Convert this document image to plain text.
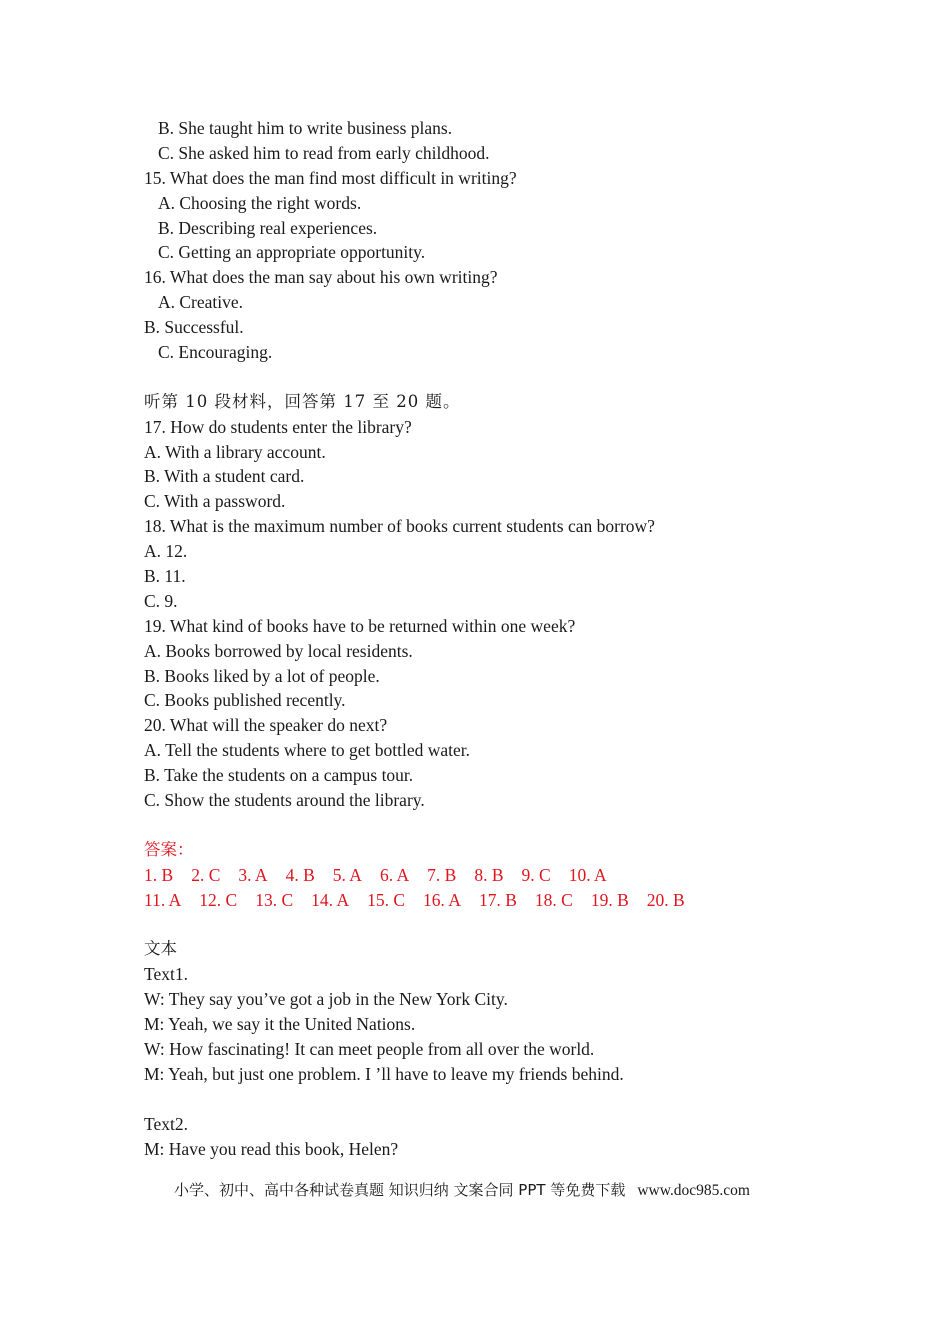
B. She taught him to write business plans.
C. She asked him to read from early childhood.
15. What does the man find most difficult in writing?
A. Choosing the right words.
B. Describing real experiences.
C. Getting an appropriate opportunity.
16. What does the man say about his own writing?
A. Creative.
B. Successful.
C. Encouraging.
听第 10 段材料，回答第 17 至 20 题。
17. How do students enter the library?
A. With a library account.
B. With a student card.
C. With a password.
18. What is the maximum number of books current students can borrow?
A. 12.
B. 11.
C. 9.
19. What kind of books have to be returned within one week?
A. Books borrowed by local residents.
B. Books liked by a lot of people.
C. Books published recently.
20. What will the speaker do next?
A. Tell the students where to get bottled water.
B. Take the students on a campus tour.
C. Show the students around the library.
答案：
1. B 2. C 3. A 4. B 5. A 6. A 7. B 8. B 9. C 10. A
11. A 12. C 13. C 14. A 15. C 16. A 17. B 18. C 19. B 20. B
文本
Text1.
W: They say you’ve got a job in the New York City.
M: Yeah, we say it the United Nations.
W: How fascinating! It can meet people from all over the world.
M: Yeah, but just one problem. I ’ll have to leave my friends behind.
Text2.
M: Have you read this book, Helen?
小学、初中、高中各种试卷真题 知识归纳 文案合同 PPT 等免费下载 www.doc985.com
